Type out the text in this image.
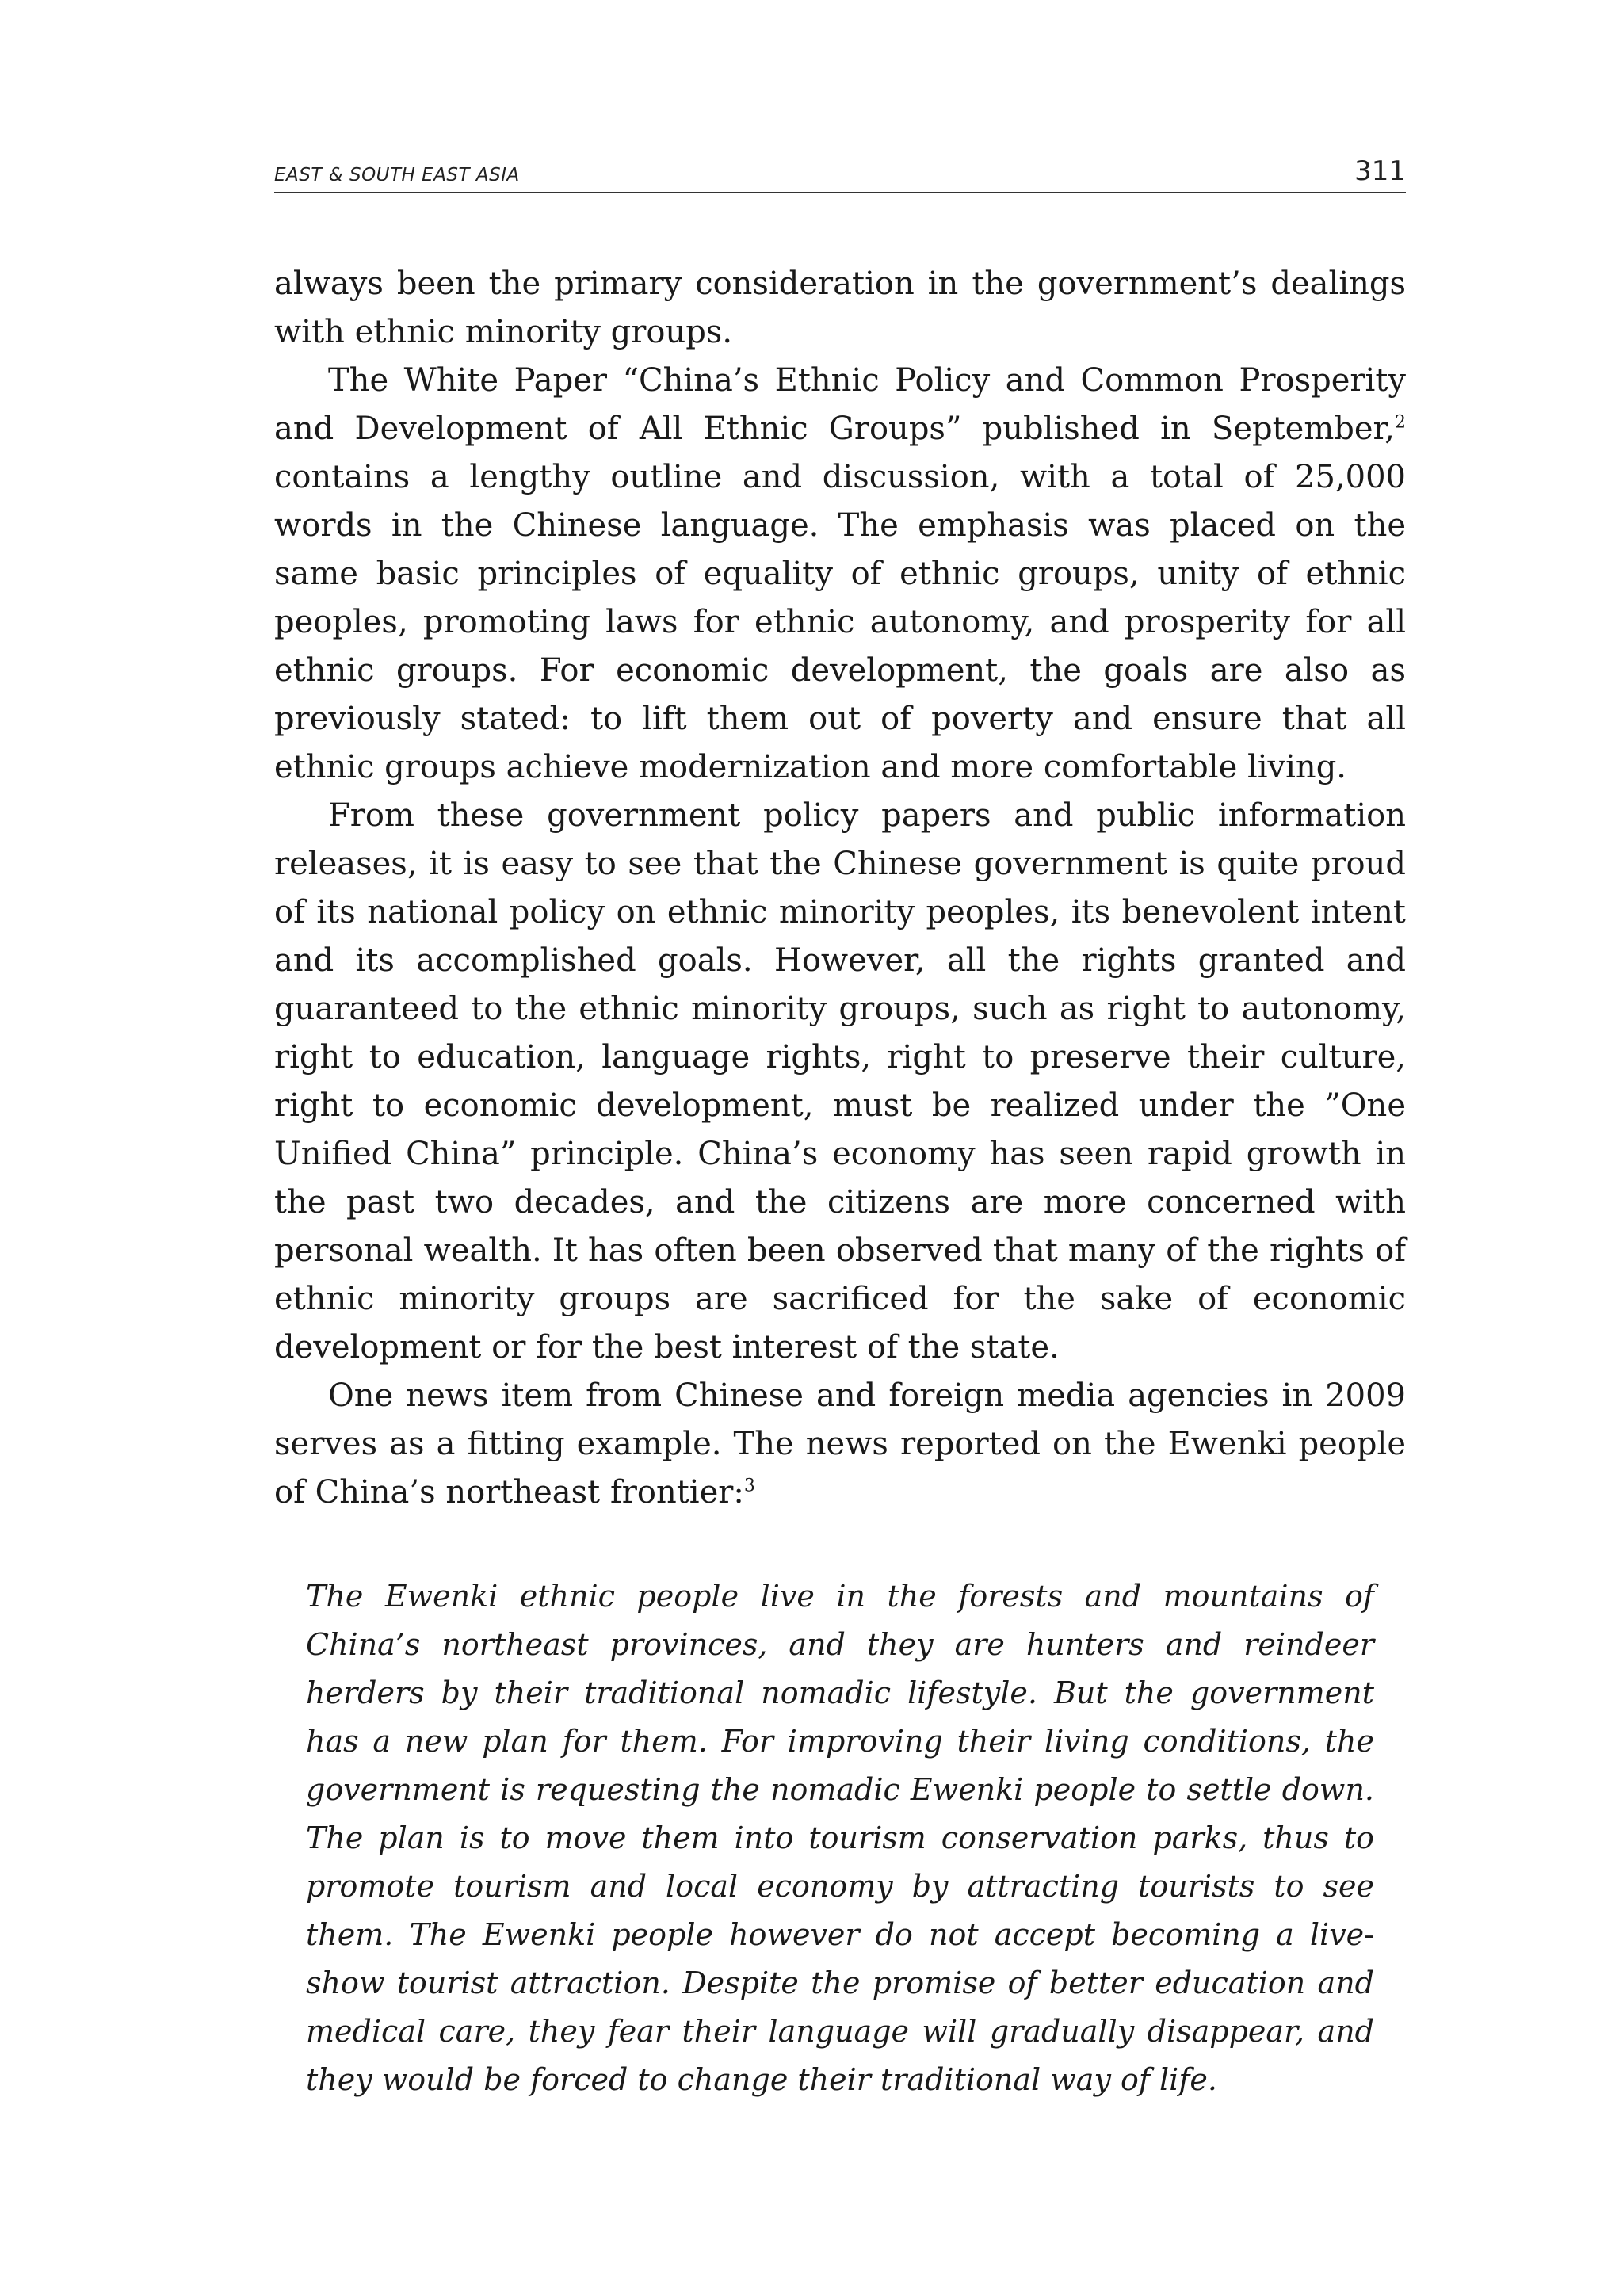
EAST & SOUTH EAST ASIA	311

always been the primary consideration in the government’s dealings with ethnic minority groups.

The White Paper “China’s Ethnic Policy and Common Prosperity and Development of All Ethnic Groups” published in September,$^2$ contains a lengthy outline and discussion, with a total of 25,000 words in the Chinese language. The emphasis was placed on the same basic principles of equality of ethnic groups, unity of ethnic peoples, promoting laws for ethnic autonomy, and prosperity for all ethnic groups. For economic development, the goals are also as previously stated: to lift them out of poverty and ensure that all ethnic groups achieve modernization and more comfortable living.

From these government policy papers and public information releases, it is easy to see that the Chinese government is quite proud of its national policy on ethnic minority peoples, its benevolent intent and its accomplished goals. However, all the rights granted and guaranteed to the ethnic minority groups, such as right to autonomy, right to education, language rights, right to preserve their culture, right to economic development, must be realized under the ”One Unified China” principle. China’s economy has seen rapid growth in the past two decades, and the citizens are more concerned with personal wealth. It has often been observed that many of the rights of ethnic minority groups are sacrificed for the sake of economic development or for the best interest of the state.

One news item from Chinese and foreign media agencies in 2009 serves as a fitting example. The news reported on the Ewenki people of China’s northeast frontier:$^3$

The Ewenki ethnic people live in the forests and mountains of China’s northeast provinces, and they are hunters and reindeer herders by their traditional nomadic lifestyle. But the government has a new plan for them. For improving their living conditions, the government is requesting the nomadic Ewenki people to settle down. The plan is to move them into tourism conservation parks, thus to promote tourism and local economy by attracting tourists to see them. The Ewenki people however do not accept becoming a live-show tourist attraction. Despite the promise of better education and medical care, they fear their language will gradually disappear, and they would be forced to change their traditional way of life.
